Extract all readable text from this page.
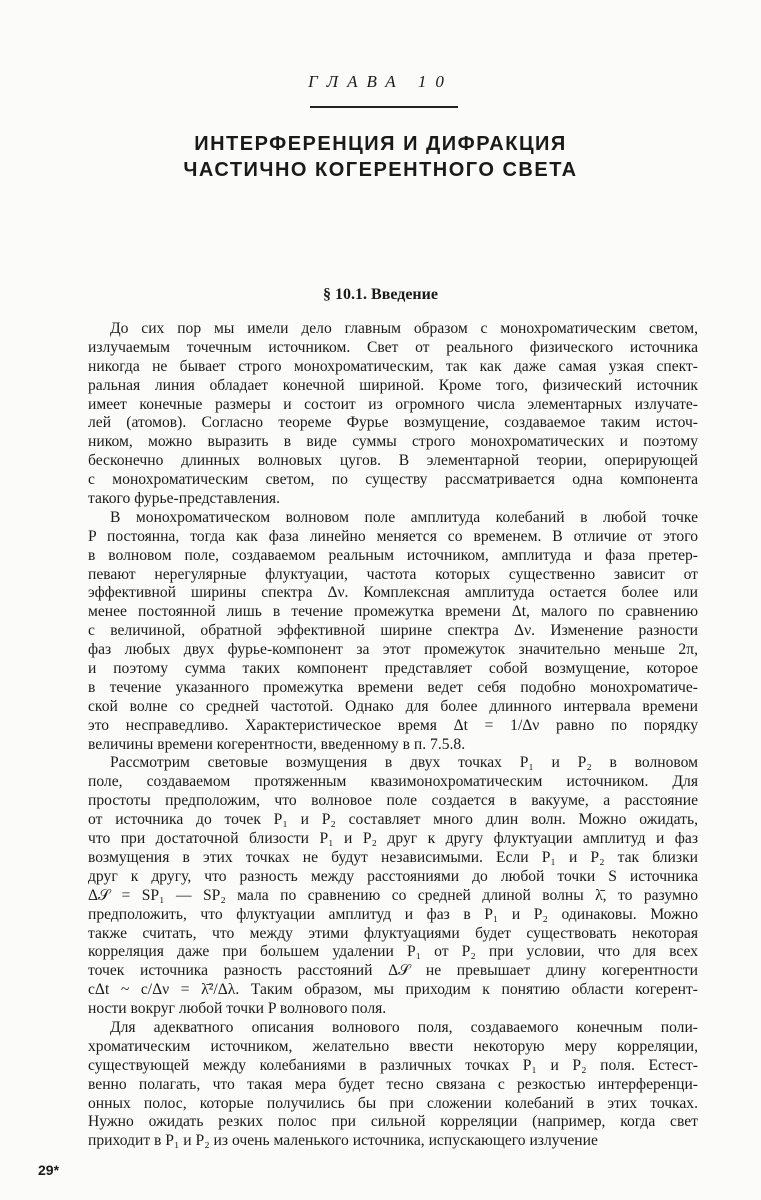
ГЛАВА 10
ИНТЕРФЕРЕНЦИЯ И ДИФРАКЦИЯ
ЧАСТИЧНО КОГЕРЕНТНОГО СВЕТА
§ 10.1. Введение
До сих пор мы имели дело главным образом с монохроматическим светом,
излучаемым точечным источником. Свет от реального физического источника
никогда не бывает строго монохроматическим, так как даже самая узкая спект-
ральная линия обладает конечной шириной. Кроме того, физический источник
имеет конечные размеры и состоит из огромного числа элементарных излучате-
лей (атомов). Согласно теореме Фурье возмущение, создаваемое таким источ-
ником, можно выразить в виде суммы строго монохроматических и поэтому
бесконечно длинных волновых цугов. В элементарной теории, оперирующей
с монохроматическим светом, по существу рассматривается одна компонента
такого фурье-представления.
В монохроматическом волновом поле амплитуда колебаний в любой точке
P постоянна, тогда как фаза линейно меняется со временем. В отличие от этого
в волновом поле, создаваемом реальным источником, амплитуда и фаза претер-
певают нерегулярные флуктуации, частота которых существенно зависит от
эффективной ширины спектра Δν. Комплексная амплитуда остается более или
менее постоянной лишь в течение промежутка времени Δt, малого по сравнению
с величиной, обратной эффективной ширине спектра Δν. Изменение разности
фаз любых двух фурье-компонент за этот промежуток значительно меньше 2π,
и поэтому сумма таких компонент представляет собой возмущение, которое
в течение указанного промежутка времени ведет себя подобно монохроматиче-
ской волне со средней частотой. Однако для более длинного интервала времени
это несправедливо. Характеристическое время Δt = 1/Δν равно по порядку
величины времени когерентности, введенному в п. 7.5.8.
Рассмотрим световые возмущения в двух точках P₁ и P₂ в волновом
поле, создаваемом протяженным квазимонохроматическим источником. Для
простоты предположим, что волновое поле создается в вакууме, а расстояние
от источника до точек P₁ и P₂ составляет много длин волн. Можно ожидать,
что при достаточной близости P₁ и P₂ друг к другу флуктуации амплитуд и фаз
возмущения в этих точках не будут независимыми. Если P₁ и P₂ так близки
друг к другу, что разность между расстояниями до любой точки S источника
Δ𝒮 = SP₁ — SP₂ мала по сравнению со средней длиной волны λ̄, то разумно
предположить, что флуктуации амплитуд и фаз в P₁ и P₂ одинаковы. Можно
также считать, что между этими флуктуациями будет существовать некоторая
корреляция даже при большем удалении P₁ от P₂ при условии, что для всех
точек источника разность расстояний Δ𝒮 не превышает длину когерентности
cΔt ~ c/Δν = λ̄²/Δλ. Таким образом, мы приходим к понятию области когерент-
ности вокруг любой точки P волнового поля.
Для адекватного описания волнового поля, создаваемого конечным поли-
хроматическим источником, желательно ввести некоторую меру корреляции,
существующей между колебаниями в различных точках P₁ и P₂ поля. Естест-
венно полагать, что такая мера будет тесно связана с резкостью интерференци-
онных полос, которые получились бы при сложении колебаний в этих точках.
Нужно ожидать резких полос при сильной корреляции (например, когда свет
приходит в P₁ и P₂ из очень маленького источника, испускающего излучение
29*
